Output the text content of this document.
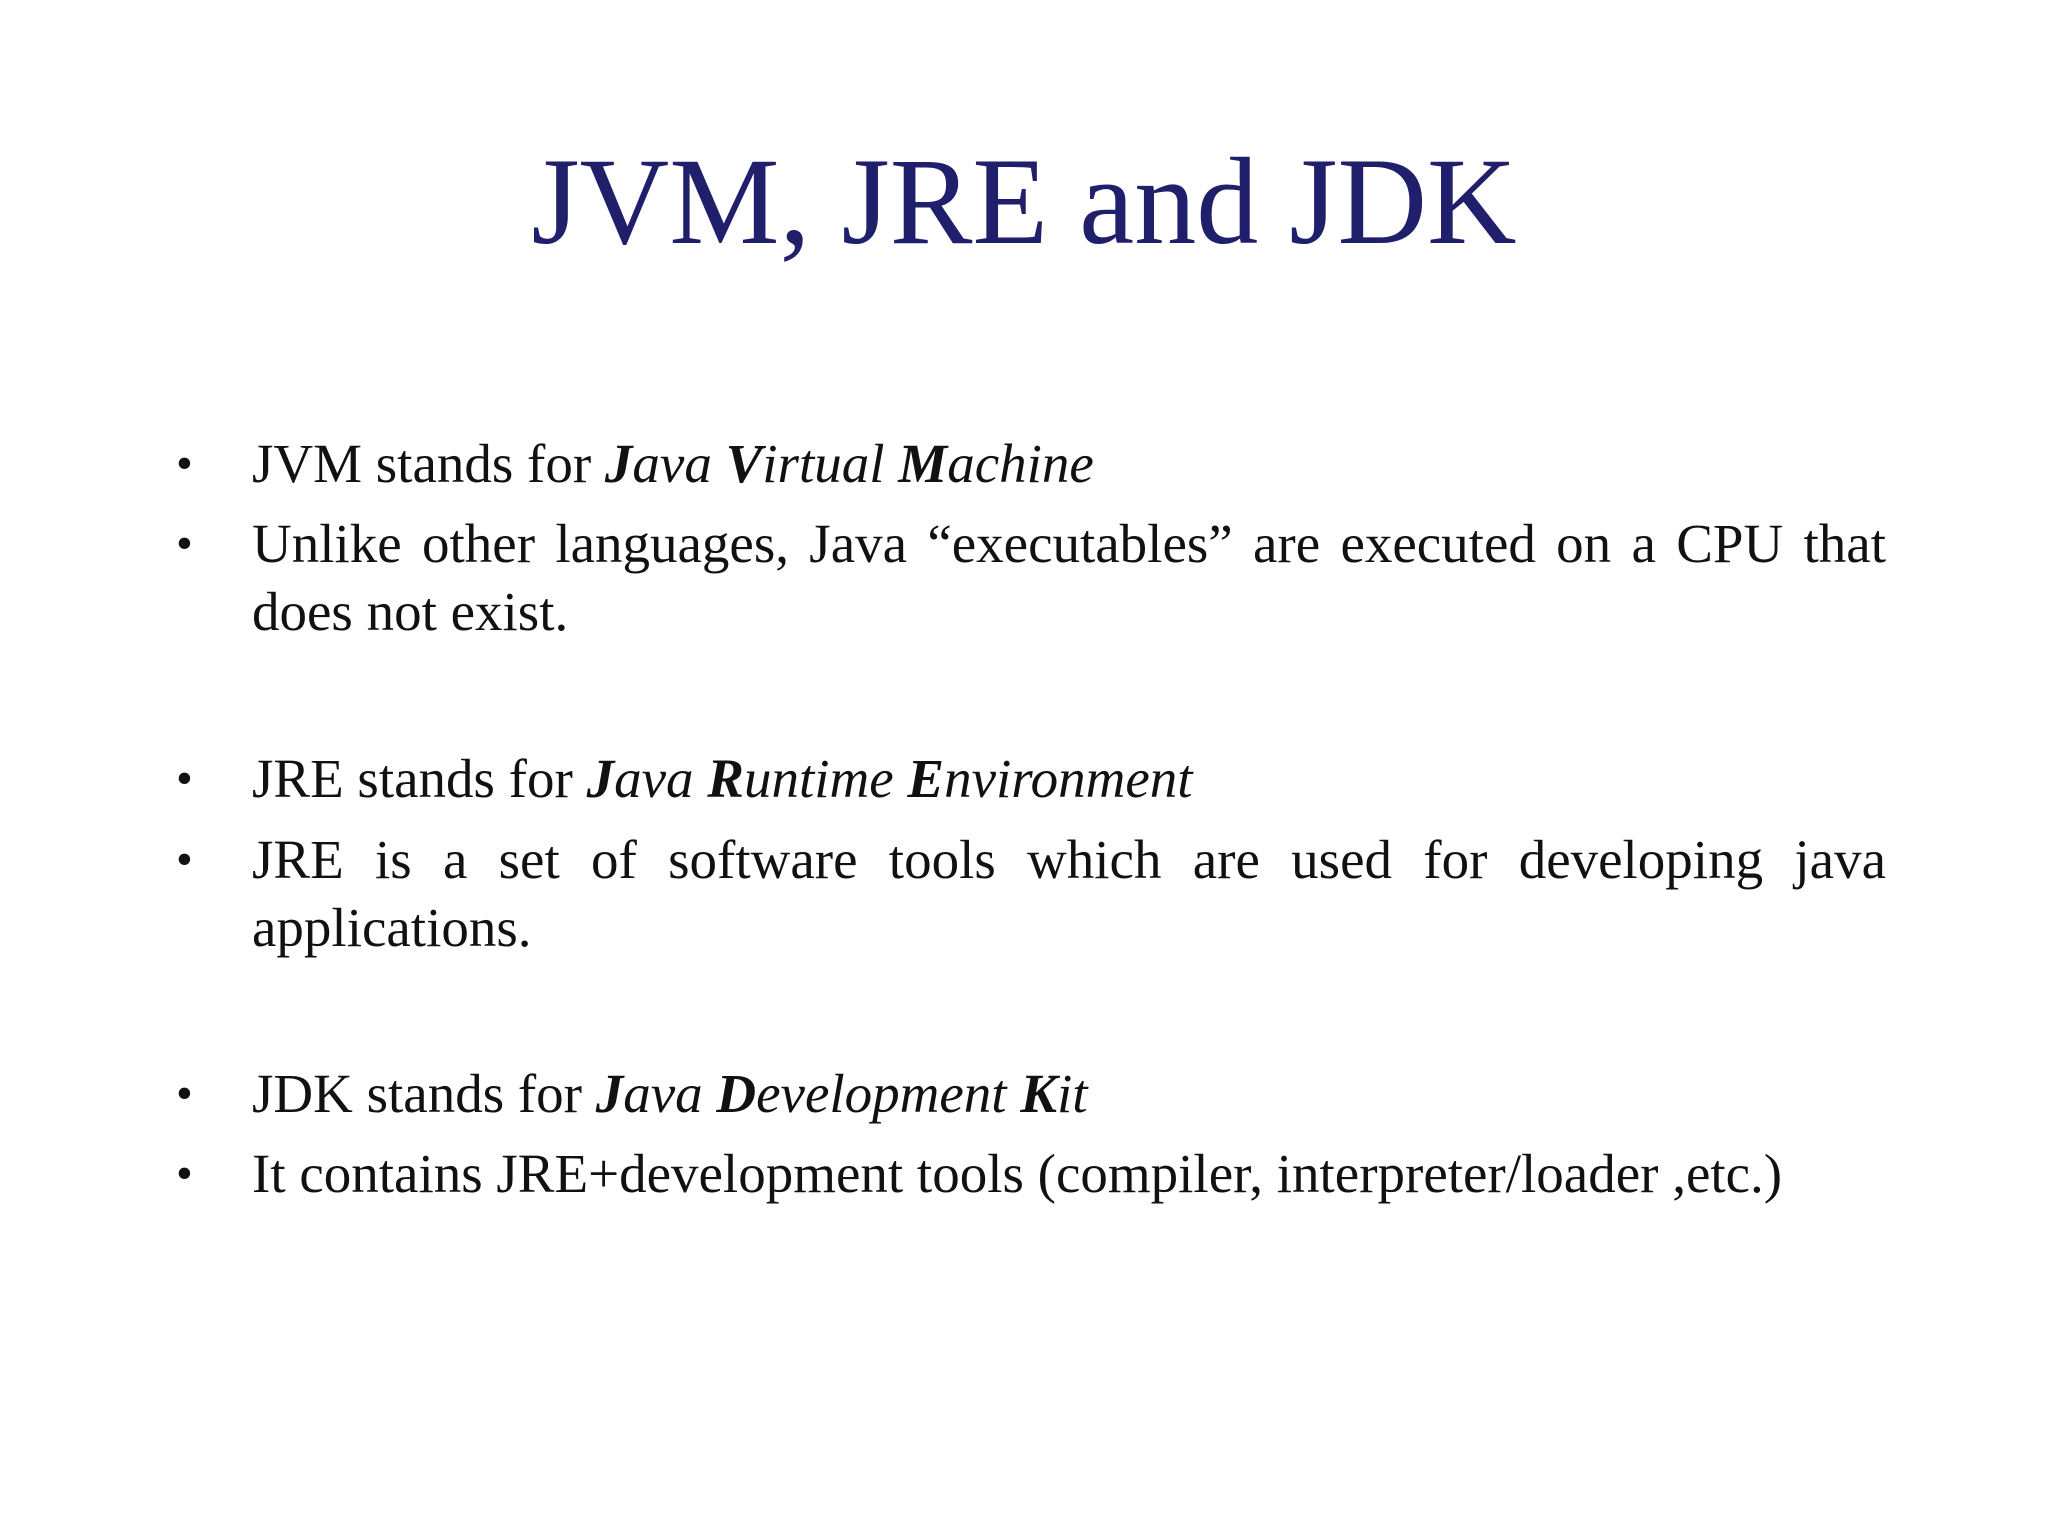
JVM, JRE and JDK
•	JVM stands for Java Virtual Machine
•	Unlike other languages, Java “executables” are executed on a CPU that does not exist.
•	JRE stands for Java Runtime Environment
•	JRE is a set of software tools which are used for developing java applications.
•	JDK stands for Java Development Kit
•	It contains JRE+development tools (compiler, interpreter/loader ,etc.)
